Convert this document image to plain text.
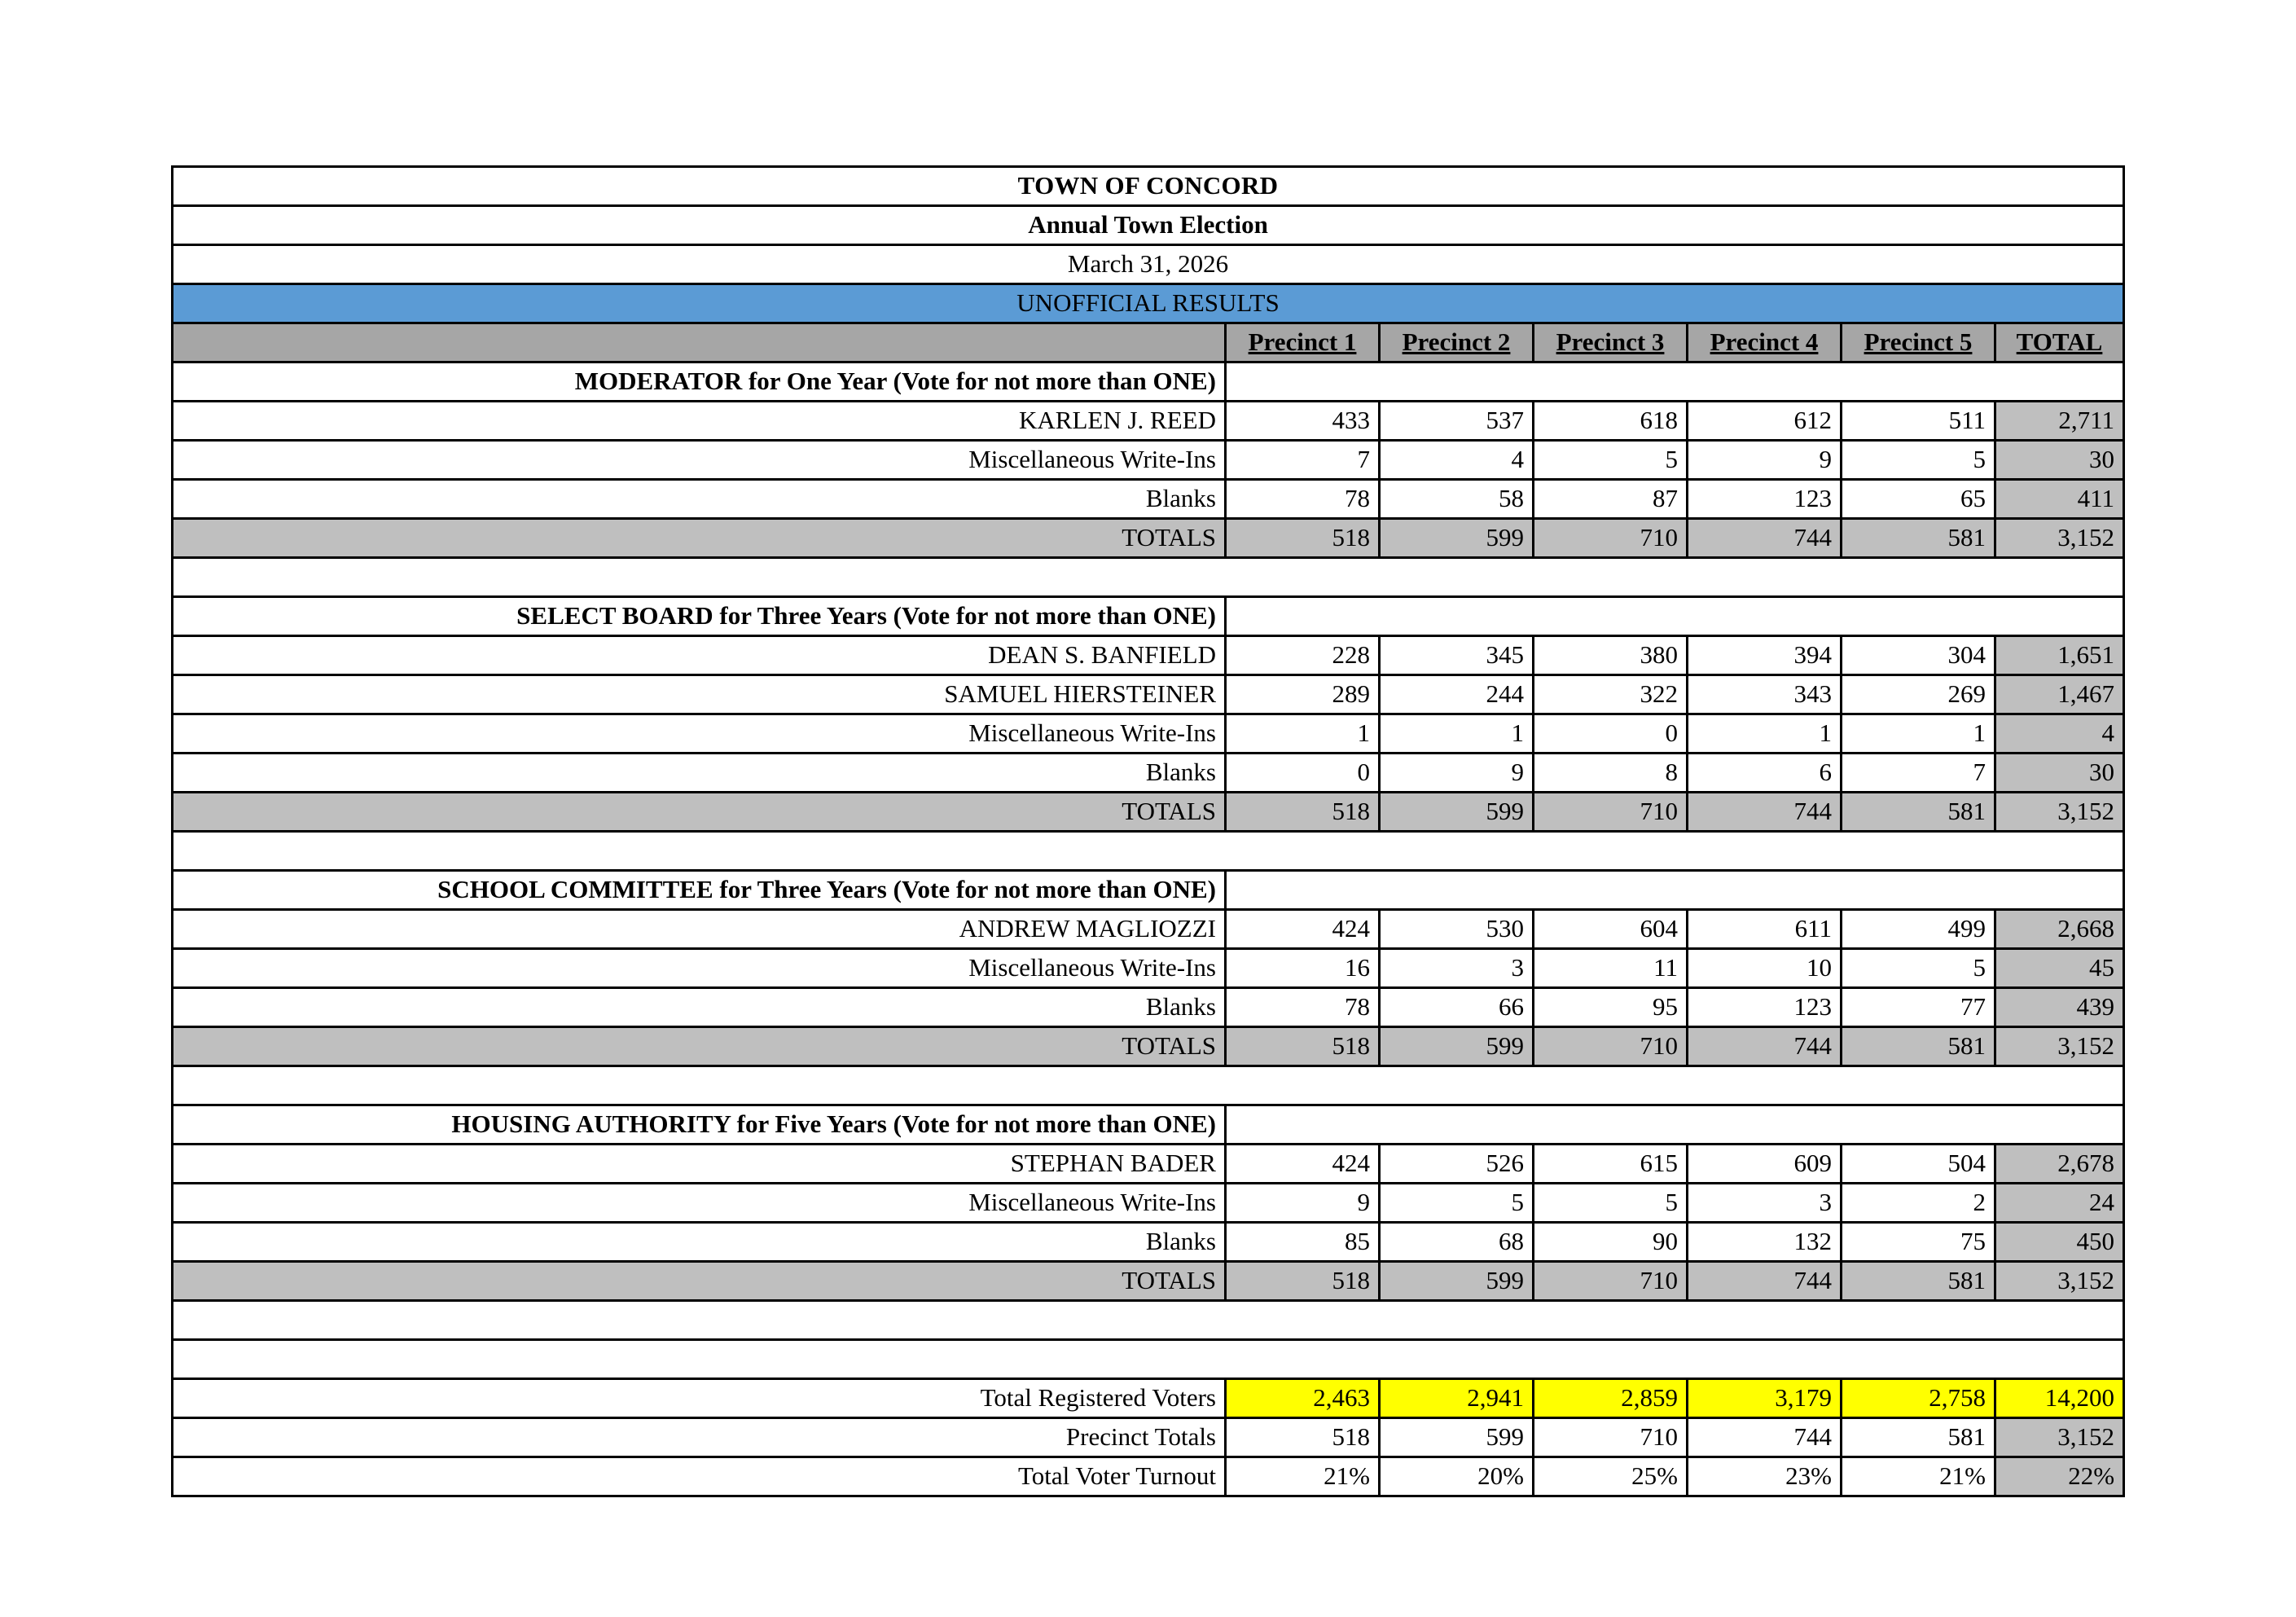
TOWN OF CONCORD						
Annual Town Election						
March 31, 2026						
UNOFFICIAL RESULTS						
	Precinct 1	Precinct 2	Precinct 3	Precinct 4	Precinct 5	TOTAL
MODERATOR for One Year (Vote for not more than ONE)						
KARLEN J. REED	433	537	618	612	511	2,711
Miscellaneous Write-Ins	7	4	5	9	5	30
Blanks	78	58	87	123	65	411
TOTALS	518	599	710	744	581	3,152

SELECT BOARD for Three Years (Vote for not more than ONE)						
DEAN S. BANFIELD	228	345	380	394	304	1,651
SAMUEL HIERSTEINER	289	244	322	343	269	1,467
Miscellaneous Write-Ins	1	1	0	1	1	4
Blanks	0	9	8	6	7	30
TOTALS	518	599	710	744	581	3,152

SCHOOL COMMITTEE for Three Years (Vote for not more than ONE)						
ANDREW MAGLIOZZI	424	530	604	611	499	2,668
Miscellaneous Write-Ins	16	3	11	10	5	45
Blanks	78	66	95	123	77	439
TOTALS	518	599	710	744	581	3,152

HOUSING AUTHORITY for Five Years (Vote for not more than ONE)						
STEPHAN BADER	424	526	615	609	504	2,678
Miscellaneous Write-Ins	9	5	5	3	2	24
Blanks	85	68	90	132	75	450
TOTALS	518	599	710	744	581	3,152

Total Registered Voters	2,463	2,941	2,859	3,179	2,758	14,200
Precinct Totals	518	599	710	744	581	3,152
Total Voter Turnout	21%	20%	25%	23%	21%	22%
